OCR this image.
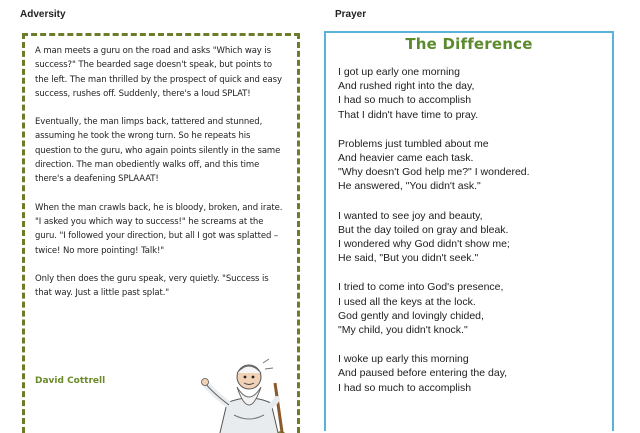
Adversity	Prayer

A man meets a guru on the road and asks "Which way is success?" The bearded sage doesn't speak, but points to the left. The man thrilled by the prospect of quick and easy success, rushes off. Suddenly, there's a loud SPLAT!

Eventually, the man limps back, tattered and stunned, assuming he took the wrong turn. So he repeats his question to the guru, who again points silently in the same direction. The man obediently walks off, and this time there's a deafening SPLAAAT!

When the man crawls back, he is bloody, broken, and irate. "I asked you which way to success!" he screams at the guru. "I followed your direction, but all I got was splatted – twice! No more pointing! Talk!"

Only then does the guru speak, very quietly. "Success is that way. Just a little past splat."

David Cottrell
The Difference
I got up early one morning
And rushed right into the day,
I had so much to accomplish
That I didn't have time to pray.
Problems just tumbled about me
And heavier came each task.
"Why doesn't God help me?" I wondered.
He answered, "You didn't ask."
I wanted to see joy and beauty,
But the day toiled on gray and bleak.
I wondered why God didn't show me;
He said, "But you didn't seek."
I tried to come into God's presence,
I used all the keys at the lock.
God gently and lovingly chided,
"My child, you didn't knock."
I woke up early this morning
And paused before entering the day,
I had so much to accomplish
